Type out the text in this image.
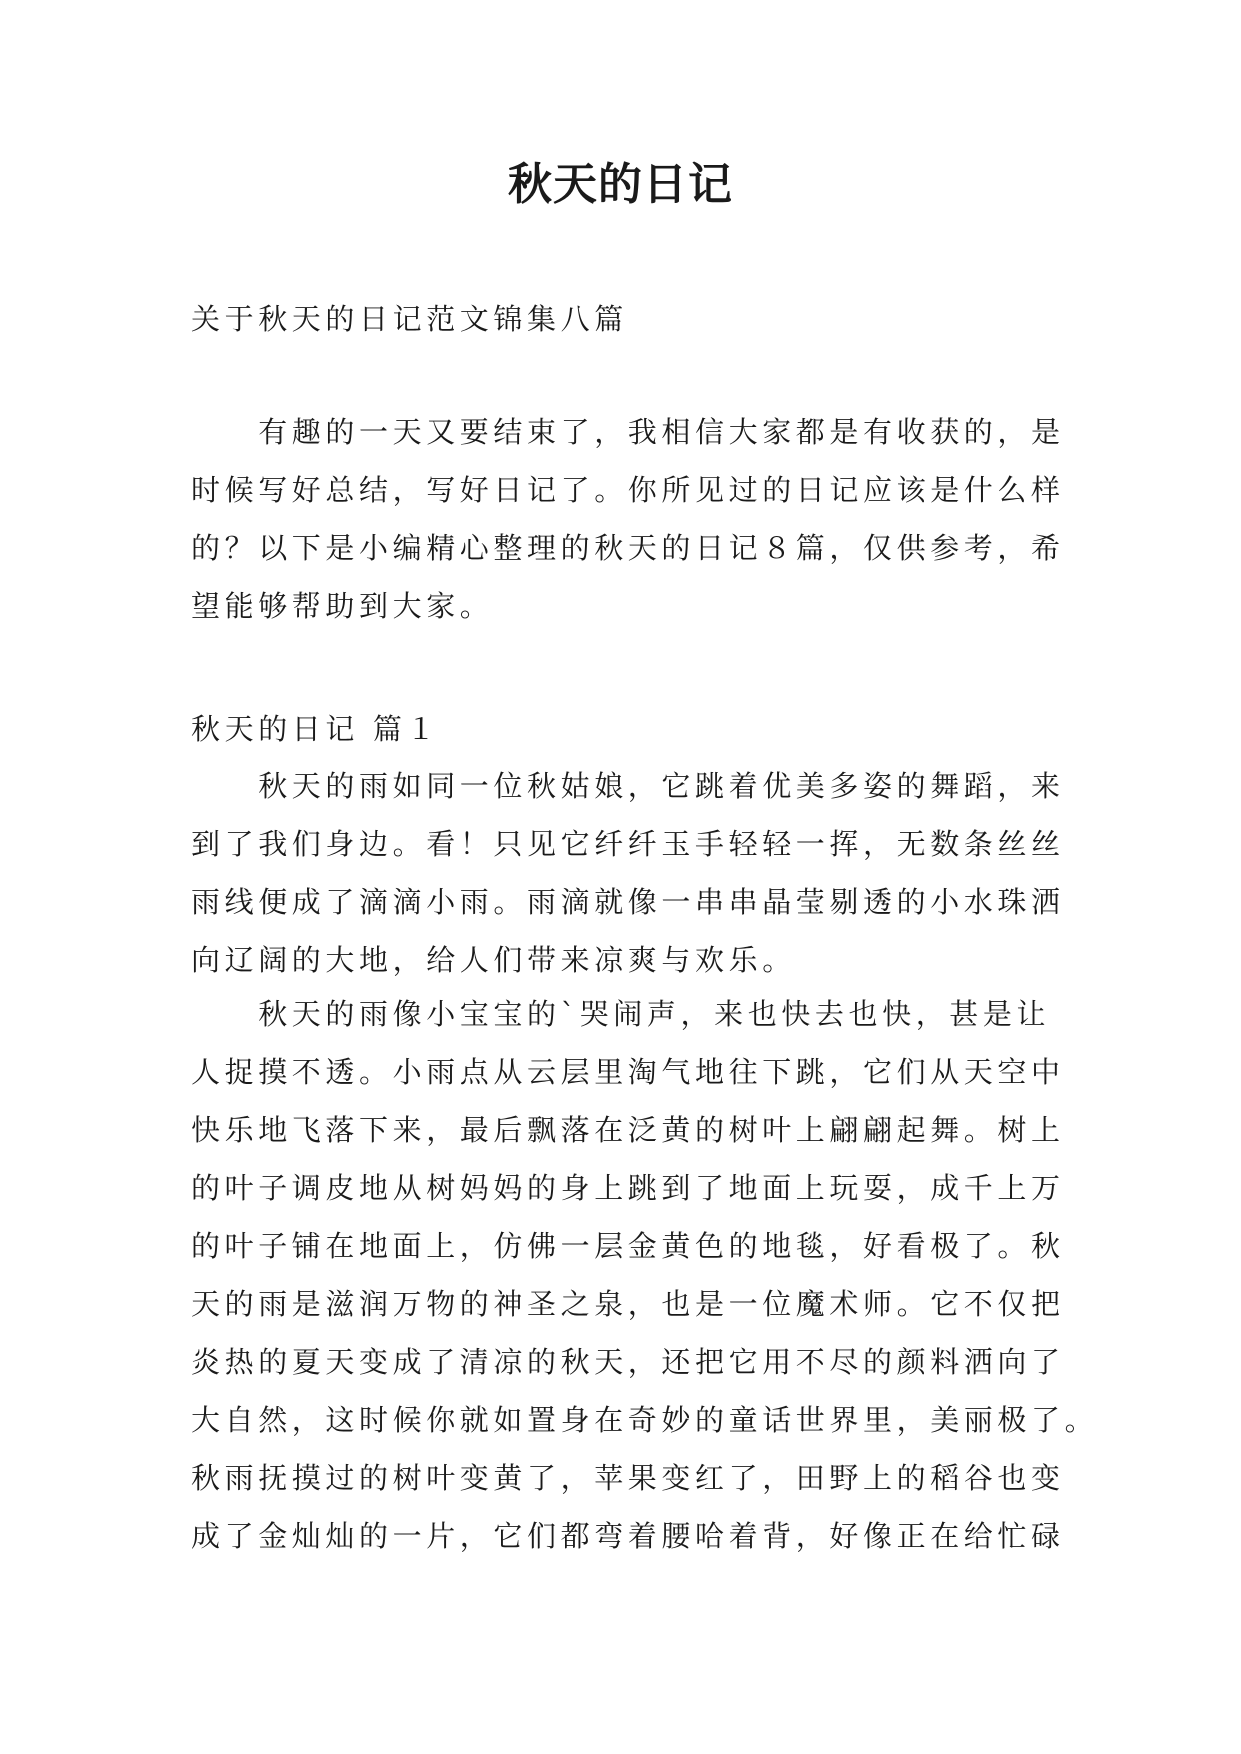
秋天的日记

关于秋天的日记范文锦集八篇

　　有趣的一天又要结束了，我相信大家都是有收获的，是
时候写好总结，写好日记了。你所见过的日记应该是什么样
的？以下是小编精心整理的秋天的日记８篇，仅供参考，希
望能够帮助到大家。

秋天的日记 篇１

　　秋天的雨如同一位秋姑娘，它跳着优美多姿的舞蹈，来
到了我们身边。看！只见它纤纤玉手轻轻一挥，无数条丝丝
雨线便成了滴滴小雨。雨滴就像一串串晶莹剔透的小水珠洒
向辽阔的大地，给人们带来凉爽与欢乐。
　　秋天的雨像小宝宝的`哭闹声，来也快去也快，甚是让
人捉摸不透。小雨点从云层里淘气地往下跳，它们从天空中
快乐地飞落下来，最后飘落在泛黄的树叶上翩翩起舞。树上
的叶子调皮地从树妈妈的身上跳到了地面上玩耍，成千上万
的叶子铺在地面上，仿佛一层金黄色的地毯，好看极了。秋
天的雨是滋润万物的神圣之泉，也是一位魔术师。它不仅把
炎热的夏天变成了清凉的秋天，还把它用不尽的颜料洒向了
大自然，这时候你就如置身在奇妙的童话世界里，美丽极了。
秋雨抚摸过的树叶变黄了，苹果变红了，田野上的稻谷也变
成了金灿灿的一片，它们都弯着腰哈着背，好像正在给忙碌
